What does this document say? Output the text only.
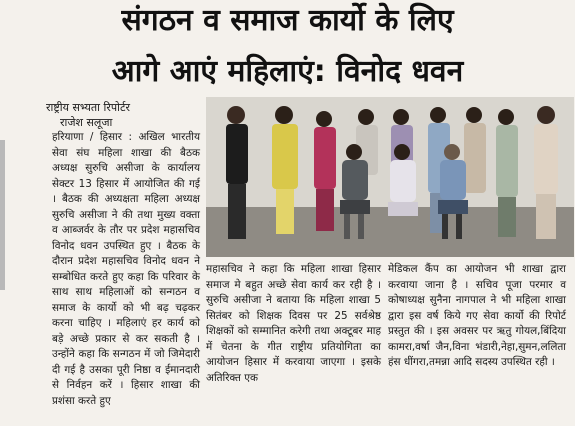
संगठन व समाज कार्यो के लिए
आगे आएं महिलाएं: विनोद धवन
राष्ट्रीय सभ्यता रिपोर्टर
राजेश सलूजा

हरियाणा / हिसार : अखिल भारतीय सेवा संघ महिला शाखा की बैठक अध्यक्ष सुरुचि असीजा के कार्यालय सेक्टर 13 हिसार में आयोजित की गई । बैठक की अध्यक्षता महिला अध्यक्ष सुरुचि असीजा ने की तथा मुख्य वक्ता व आब्जर्वर के तौर पर प्रदेश महासचिव विनोद धवन उपस्थित हुए । बैठक के दौरान प्रदेश महासचिव विनोद धवन ने सम्बोधित करते हुए कहा कि परिवार के साथ साथ महिलाओं को सन्गठन व समाज के कार्यो को भी बढ़ चढ़कर करना चाहिए । महिलाएं हर कार्य को बड़े अच्छे प्रकार से कर सकती है । उन्होंने कहा कि सन्गठन में जो जिमेदारी दी गई है उसका पूरी निष्ठा व ईमानदारी से निर्वहन करें । हिसार शाखा की प्रशंसा करते हुए

महासचिव ने कहा कि महिला शाखा हिसार समाज मे बहुत अच्छे सेवा कार्य कर रही है । सुरुचि असीजा ने बताया कि महिला शाखा 5 सितंबर को शिक्षक दिवस पर 25 सर्वश्रेष्ठ शिक्षकों को सम्मानित करेगी तथा अक्टूबर माह में चेतना के गीत राष्ट्रीय प्रतियोगिता का आयोजन हिसार में करवाया जाएगा । इसके अतिरिक्त एक

मेडिकल कैंप का आयोजन भी शाखा द्वारा करवाया जाना है । सचिव पूजा परमार व कोषाध्यक्ष सुनैना नागपाल ने भी महिला शाखा द्वारा इस वर्ष किये गए सेवा कार्यो की रिपोर्ट प्रस्तुत की । इस अवसर पर ऋतु गोयल,बिंदिया कामरा,वर्षा जैन,विना भंडारी,नेहा,सुमन,ललिता हंस धींगरा,तमन्ना आदि सदस्य उपस्थित रही ।
